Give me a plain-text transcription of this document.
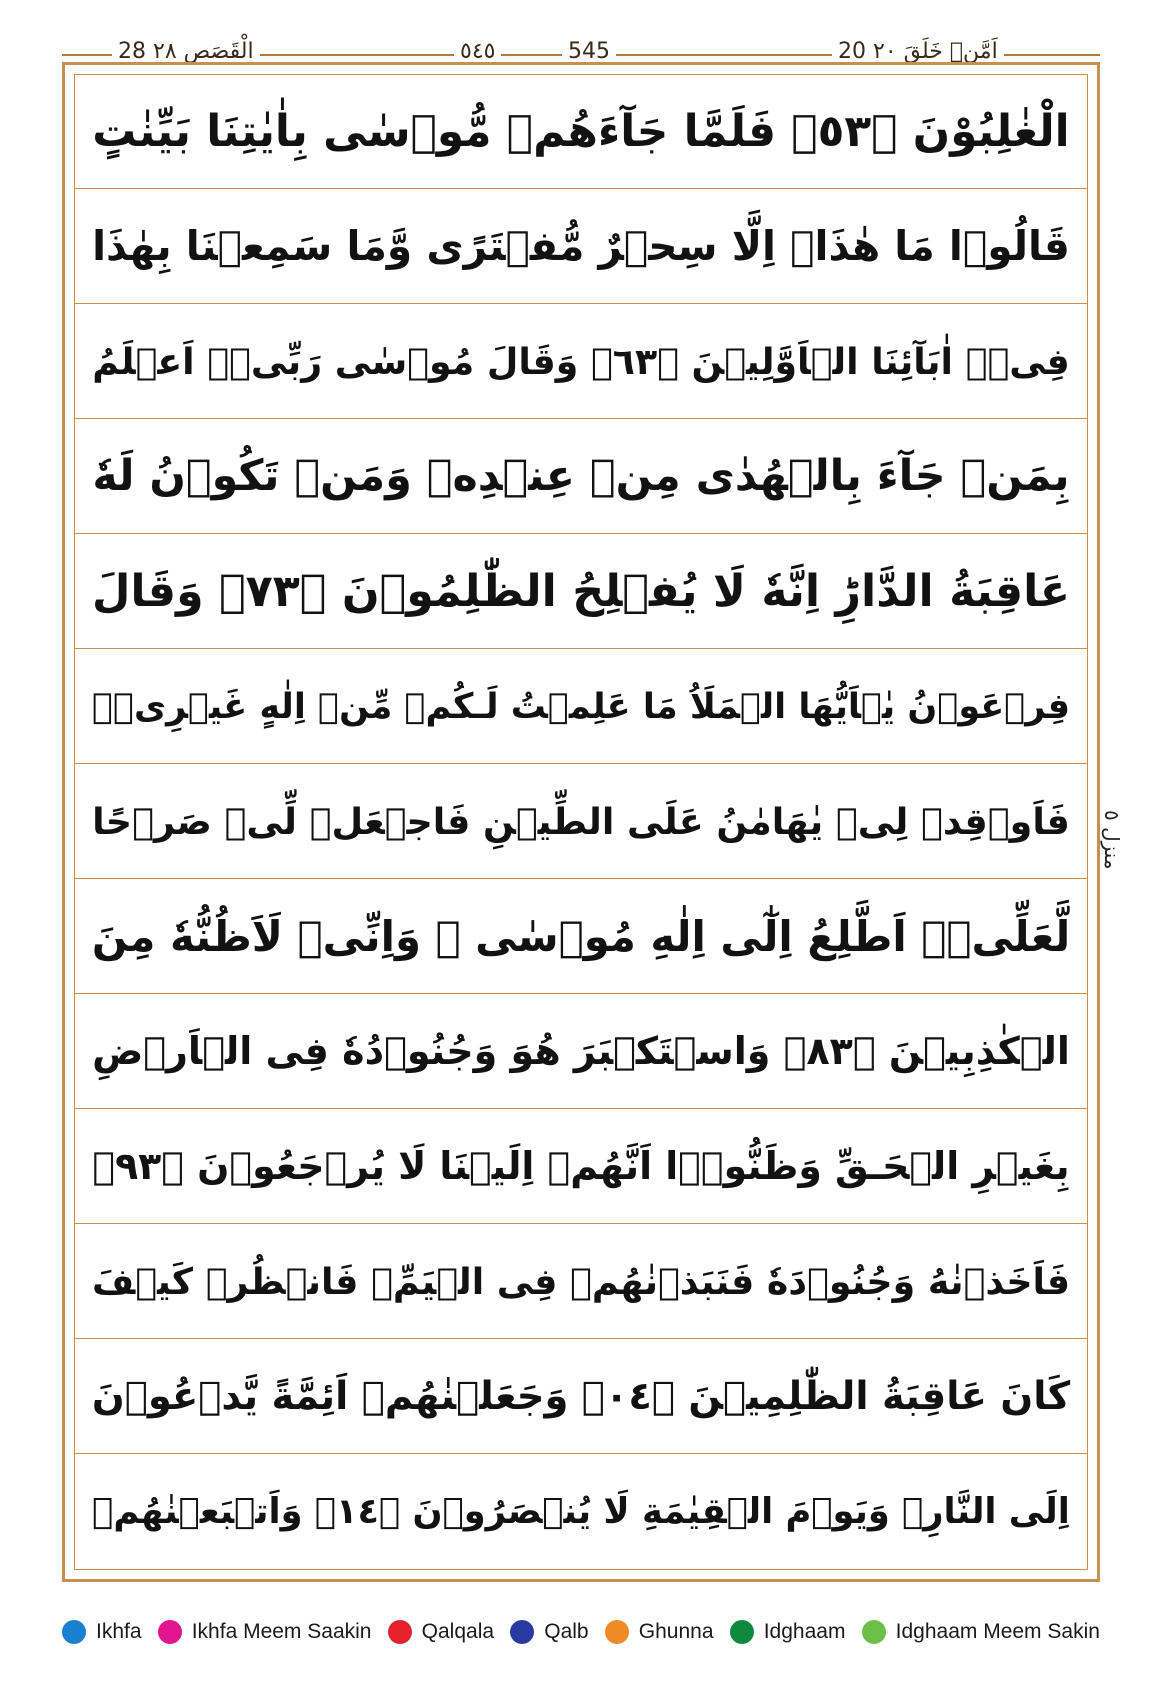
28 الْقَصَص ٢٨	٥٤٥	545	20 اَمَّنۡ خَلَقَ ٢٠
الْغٰلِبُوْنَ ﴿٣٥﴾ فَلَمَّا جَآءَهُمۡ مُّوۡسٰى بِاٰيٰتِنَا بَيِّنٰتٍ
قَالُوۡا مَا هٰذَاۤ اِلَّا سِحۡرٌ مُّفۡتَرًى وَّمَا سَمِعۡنَا بِهٰذَا
فِىۡۤ اٰبَآئِنَا الۡاَوَّلِيۡنَ ﴿٣٦﴾ وَقَالَ مُوۡسٰى رَبِّىۡۤ اَعۡلَمُ
بِمَنۡ جَآءَ بِالۡهُدٰى مِنۡ عِنۡدِهٖ وَمَنۡ تَكُوۡنُ لَهٗ
عَاقِبَةُ الدَّارِؕ اِنَّهٗ لَا يُفۡلِحُ الظّٰلِمُوۡنَ ﴿٣٧﴾ وَقَالَ
فِرۡعَوۡنُ يٰۤاَيُّهَا الۡمَلَاُ مَا عَلِمۡتُ لَـكُمۡ مِّنۡ اِلٰهٍ غَيۡرِىۡ‌ۚ
فَاَوۡقِدۡ لِىۡ يٰهَامٰنُ عَلَى الطِّيۡنِ فَاجۡعَلۡ لِّىۡ صَرۡحًا
لَّعَلِّىۡۤ اَطَّلِعُ اِلٰٓى اِلٰهِ مُوۡسٰى ۙ وَاِنِّىۡ لَاَظُنُّهٗ مِنَ
الۡكٰذِبِيۡنَ ﴿٣٨﴾ وَاسۡتَكۡبَرَ هُوَ وَجُنُوۡدُهٗ فِى الۡاَرۡضِ
بِغَيۡرِ الۡحَـقِّ وَظَنُّوۡۤا اَنَّهُمۡ اِلَيۡنَا لَا يُرۡجَعُوۡنَ ﴿٣٩﴾
فَاَخَذۡنٰهُ وَجُنُوۡدَهٗ فَنَبَذۡنٰهُمۡ فِى الۡيَمِّ‌ۚ فَانۡظُرۡ كَيۡفَ
كَانَ عَاقِبَةُ الظّٰلِمِيۡنَ ﴿٤٠﴾ وَجَعَلۡنٰهُمۡ اَئِمَّةً يَّدۡعُوۡنَ
اِلَى النَّارِ‌ۚ وَيَوۡمَ الۡقِيٰمَةِ لَا يُنۡصَرُوۡنَ ﴿٤١﴾ وَاَتۡبَعۡنٰهُمۡ
منزل ٥
Ikhfa Ikhfa Meem Saakin Qalqala Qalb Ghunna Idghaam Idghaam Meem Sakin
